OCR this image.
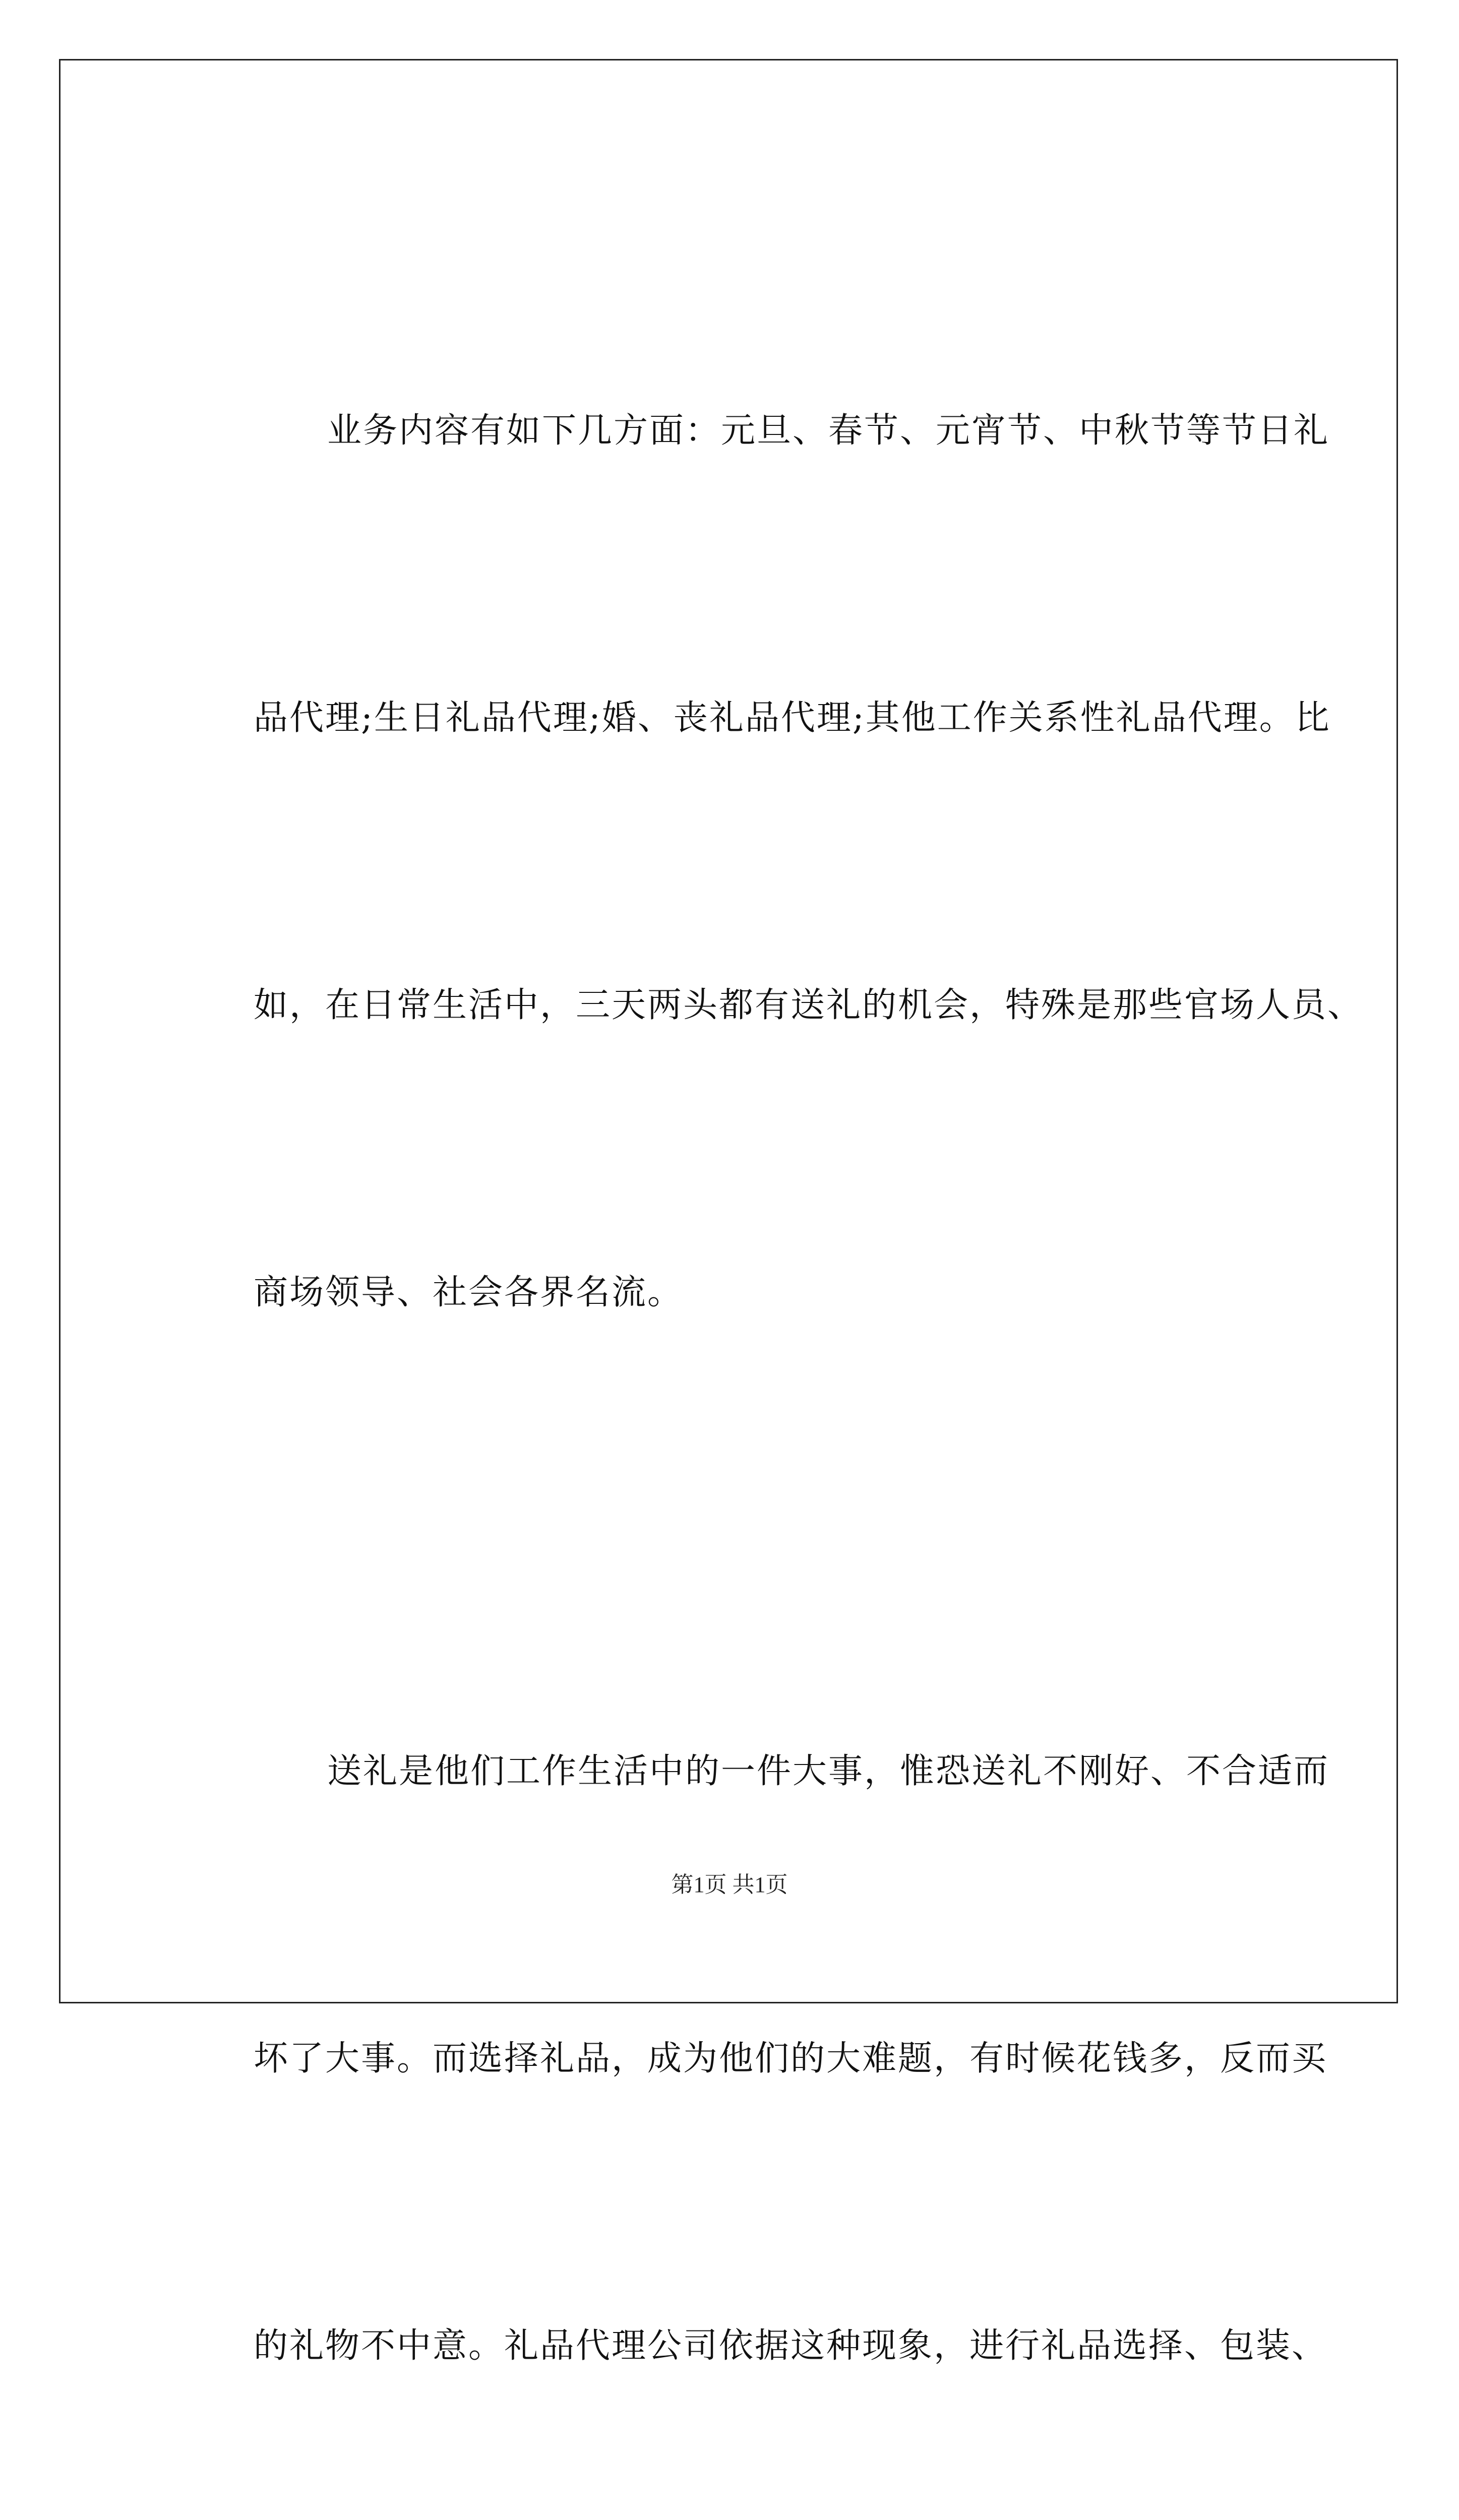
业务内容有如下几方面：元旦、春节、元宵节、中秋节等节日礼

品代理;生日礼品代理;婚、丧礼品代理;其他工作关系性礼品代理。比

如，在日常生活中，三天两头都有送礼的机会，特殊是那些官场人员、

商场领导、社会各界名流。

送礼是他们工作生活中的一件大事，惟恐送礼不刚好、不合适而

坏了大事。而选择礼品，成为他们的大难题，有时候花钱多，反而买

的礼物不中意。礼品代理公司依据这种现象，进行礼品选择、包装、

第1页 共1页
